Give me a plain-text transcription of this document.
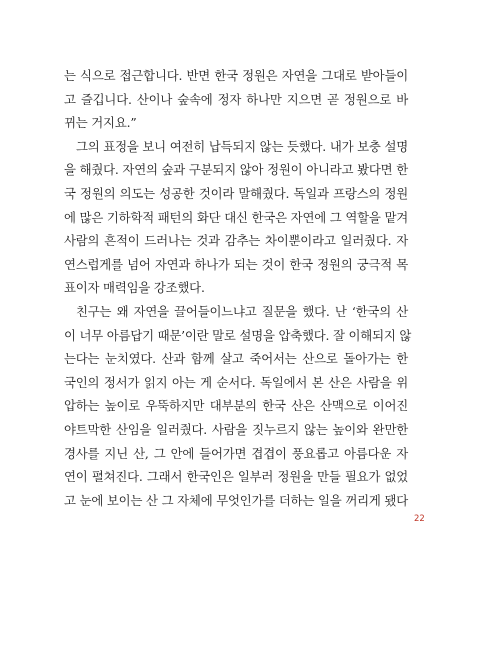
는 식으로 접근합니다. 반면 한국 정원은 자연을 그대로 받아들이
고 즐깁니다. 산이나 숲속에 정자 하나만 지으면 곧 정원으로 바
뀌는 거지요.”
그의 표정을 보니 여전히 납득되지 않는 듯했다. 내가 보충 설명
을 해줬다. 자연의 숲과 구분되지 않아 정원이 아니라고 봤다면 한
국 정원의 의도는 성공한 것이라 말해줬다. 독일과 프랑스의 정원
에 많은 기하학적 패턴의 화단 대신 한국은 자연에 그 역할을 맡겨
사람의 흔적이 드러나는 것과 감추는 차이뿐이라고 일러줬다. 자
연스럽게를 넘어 자연과 하나가 되는 것이 한국 정원의 궁극적 목
표이자 매력임을 강조했다.
친구는 왜 자연을 끌어들이느냐고 질문을 했다. 난 ‘한국의 산
이 너무 아름답기 때문’이란 말로 설명을 압축했다. 잘 이해되지 않
는다는 눈치였다. 산과 함께 살고 죽어서는 산으로 돌아가는 한
국인의 정서가 읽지 아는 게 순서다. 독일에서 본 산은 사람을 위
압하는 높이로 우뚝하지만 대부분의 한국 산은 산맥으로 이어진
야트막한 산임을 일러줬다. 사람을 짓누르지 않는 높이와 완만한
경사를 지닌 산, 그 안에 들어가면 겹겹이 풍요롭고 아름다운 자
연이 펼쳐진다. 그래서 한국인은 일부러 정원을 만들 필요가 없었
고 눈에 보이는 산 그 자체에 무엇인가를 더하는 일을 꺼리게 됐다
22
